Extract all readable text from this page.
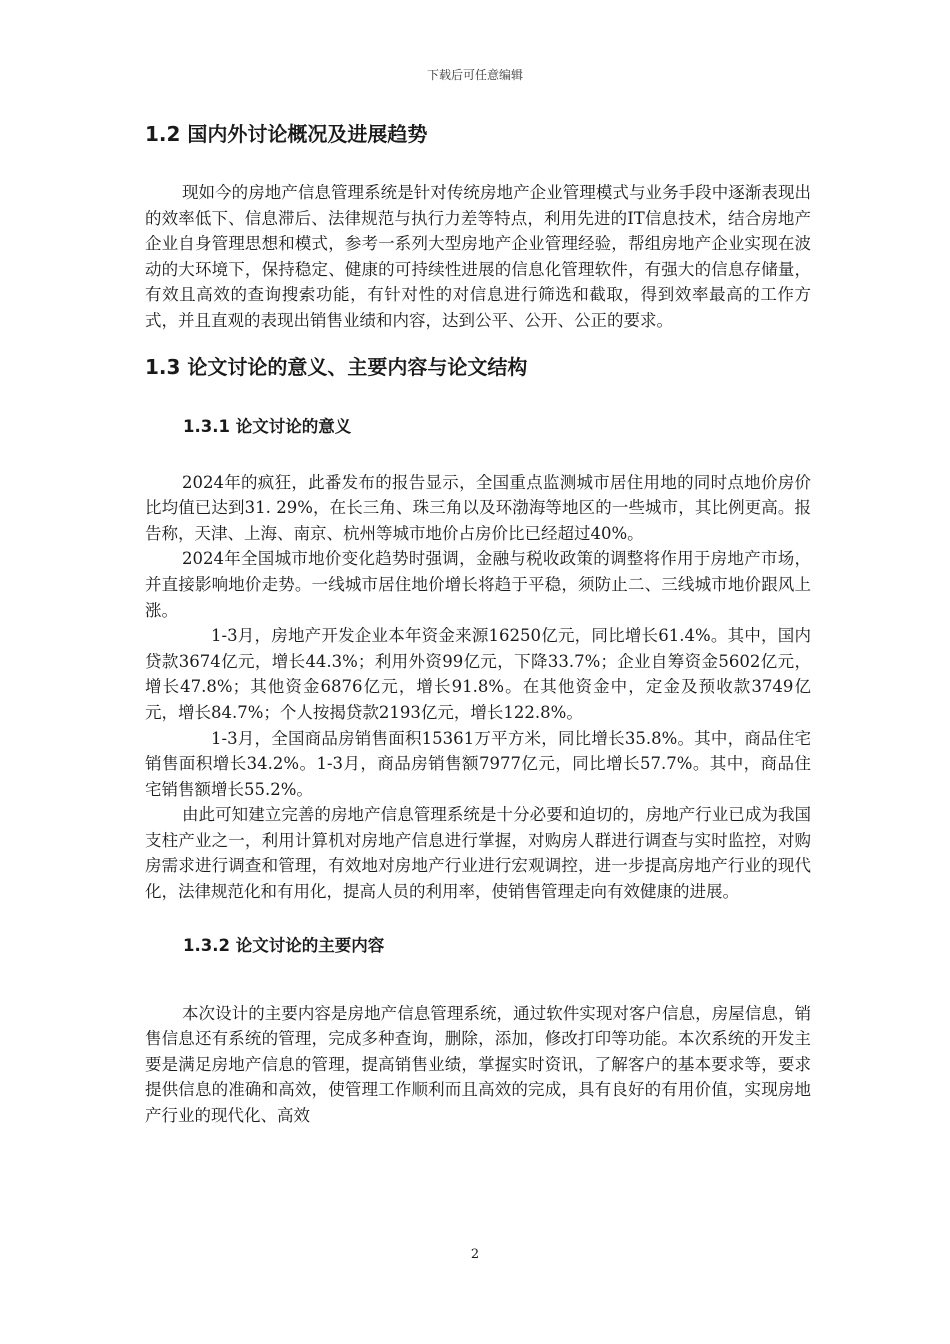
下载后可任意编辑
1.2 国内外讨论概况及进展趋势

现如今的房地产信息管理系统是针对传统房地产企业管理模式与业务手段中逐渐表现出的效率低下、信息滞后、法律规范与执行力差等特点，利用先进的IT信息技术，结合房地产企业自身管理思想和模式，参考一系列大型房地产企业管理经验，帮组房地产企业实现在波动的大环境下，保持稳定、健康的可持续性进展的信息化管理软件，有强大的信息存储量，有效且高效的查询搜索功能，有针对性的对信息进行筛选和截取，得到效率最高的工作方式，并且直观的表现出销售业绩和内容，达到公平、公开、公正的要求。

1.3 论文讨论的意义、主要内容与论文结构
1.3.1 论文讨论的意义

2024年的疯狂，此番发布的报告显示，全国重点监测城市居住用地的同时点地价房价比均值已达到31. 29%，在长三角、珠三角以及环渤海等地区的一些城市，其比例更高。报告称，天津、上海、南京、杭州等城市地价占房价比已经超过40%。

2024年全国城市地价变化趋势时强调，金融与税收政策的调整将作用于房地产市场，并直接影响地价走势。一线城市居住地价增长将趋于平稳，须防止二、三线城市地价跟风上涨。

1-3月，房地产开发企业本年资金来源16250亿元，同比增长61.4%。其中，国内贷款3674亿元，增长44.3%；利用外资99亿元，下降33.7%；企业自筹资金5602亿元，增长47.8%；其他资金6876亿元，增长91.8%。在其他资金中，定金及预收款3749亿元，增长84.7%；个人按揭贷款2193亿元，增长122.8%。

1-3月，全国商品房销售面积15361万平方米，同比增长35.8%。其中，商品住宅销售面积增长34.2%。1-3月，商品房销售额7977亿元，同比增长57.7%。其中，商品住宅销售额增长55.2%。

由此可知建立完善的房地产信息管理系统是十分必要和迫切的，房地产行业已成为我国支柱产业之一，利用计算机对房地产信息进行掌握，对购房人群进行调查与实时监控，对购房需求进行调查和管理，有效地对房地产行业进行宏观调控，进一步提高房地产行业的现代化，法律规范化和有用化，提高人员的利用率，使销售管理走向有效健康的进展。

1.3.2 论文讨论的主要内容

本次设计的主要内容是房地产信息管理系统，通过软件实现对客户信息，房屋信息，销售信息还有系统的管理，完成多种查询，删除，添加，修改打印等功能。本次系统的开发主要是满足房地产信息的管理，提高销售业绩，掌握实时资讯，了解客户的基本要求等，要求提供信息的准确和高效，使管理工作顺利而且高效的完成，具有良好的有用价值，实现房地产行业的现代化、高效

2
